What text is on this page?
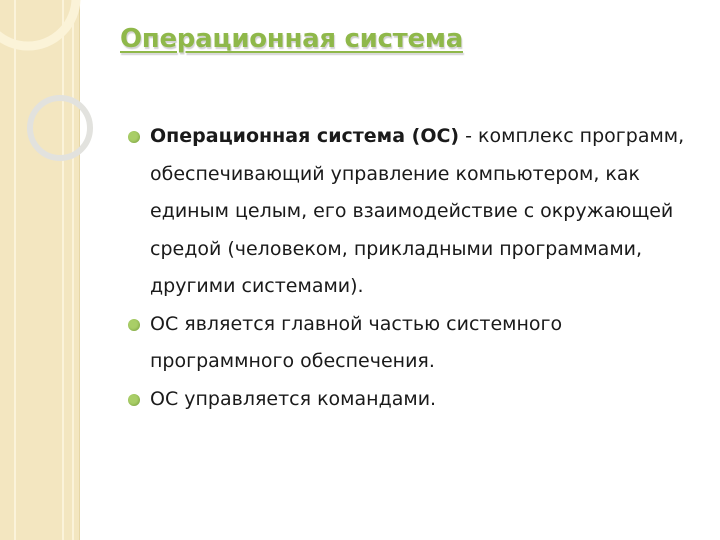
Операционная система
Операционная система (ОС) - комплекс программ, обеспечивающий управление компьютером, как единым целым, его взаимодействие с окружающей средой (человеком, прикладными программами, другими системами).
ОС является главной частью системного программного обеспечения.
ОС управляется командами.
